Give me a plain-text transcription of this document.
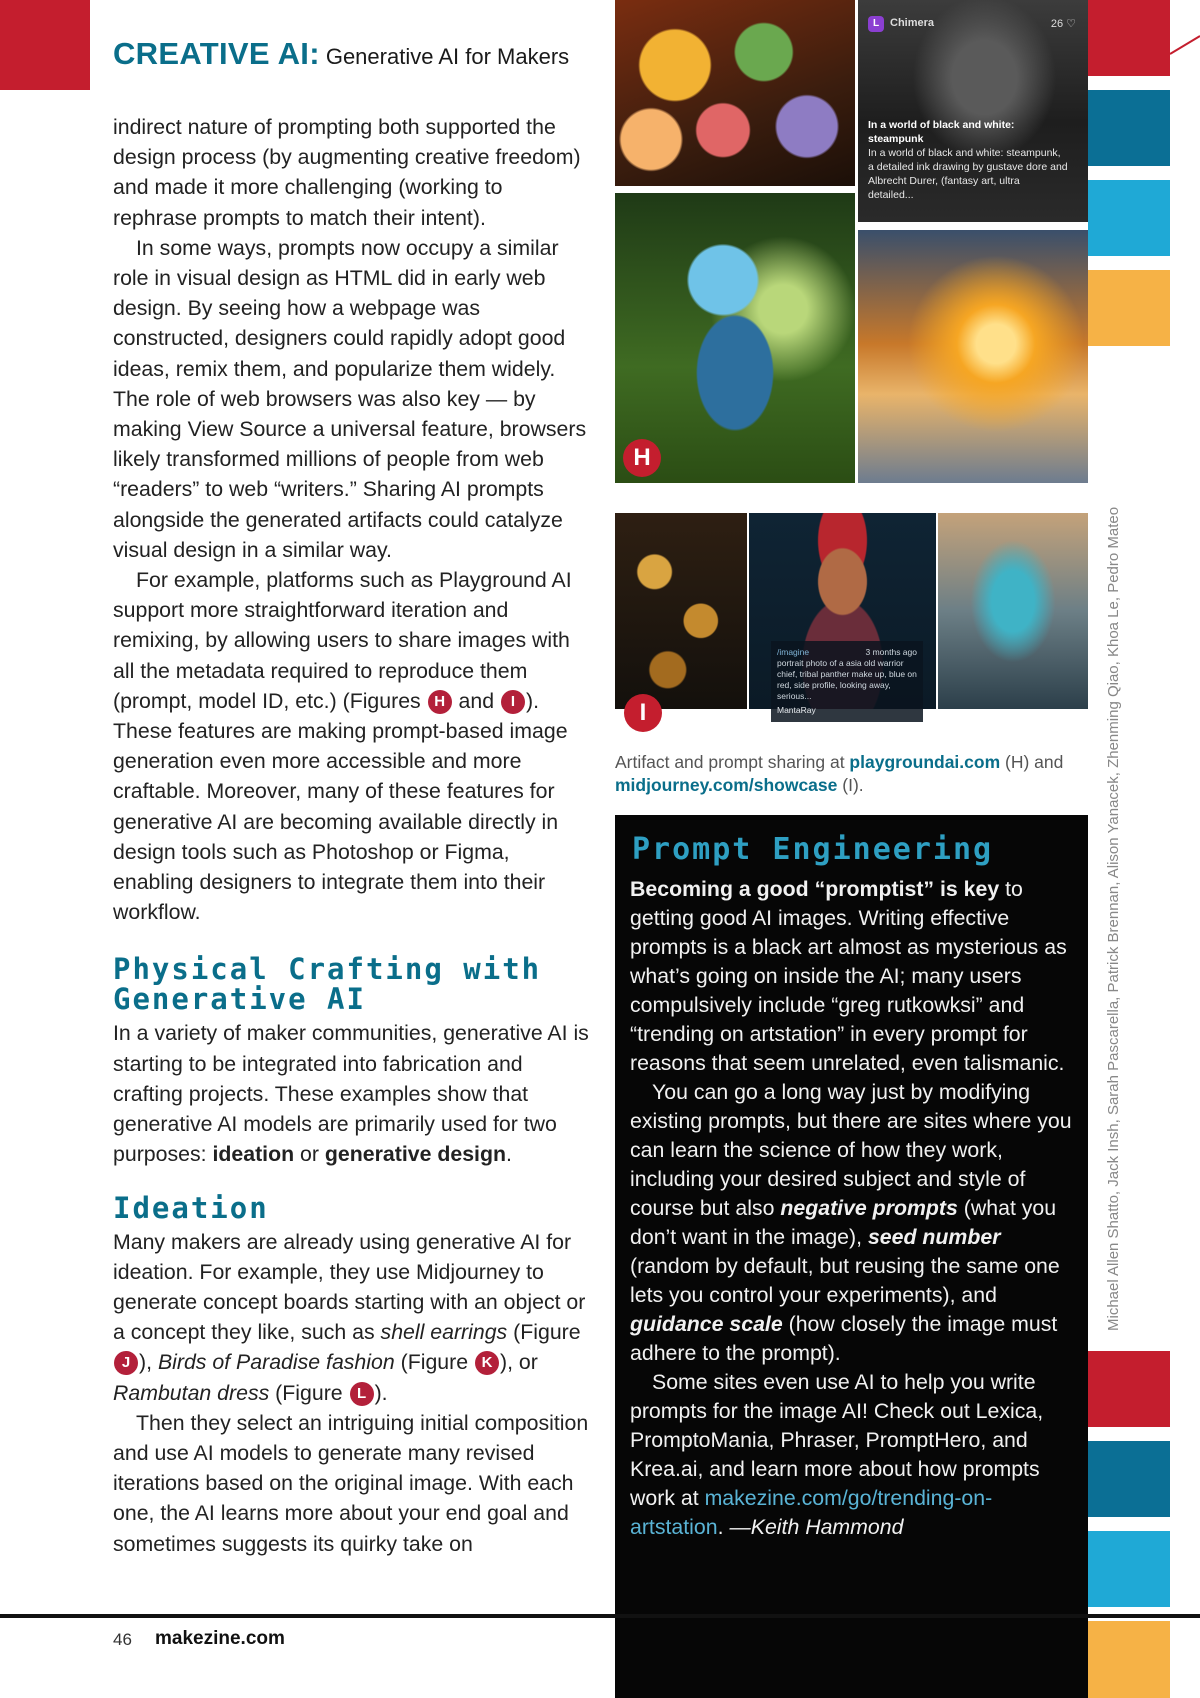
CREATIVE AI: Generative AI for Makers

indirect nature of prompting both supported the design process (by augmenting creative freedom) and made it more challenging (working to rephrase prompts to match their intent).

In some ways, prompts now occupy a similar role in visual design as HTML did in early web design. By seeing how a webpage was constructed, designers could rapidly adopt good ideas, remix them, and popularize them widely. The role of web browsers was also key — by making View Source a universal feature, browsers likely transformed millions of people from web “readers” to web “writers.” Sharing AI prompts alongside the generated artifacts could catalyze visual design in a similar way.

For example, platforms such as Playground AI support more straightforward iteration and remixing, by allowing users to share images with all the metadata required to reproduce them (prompt, model ID, etc.) (Figures H and I ). These features are making prompt-based image generation even more accessible and more craftable. Moreover, many of these features for generative AI are becoming available directly in design tools such as Photoshop or Figma, enabling designers to integrate them into their workflow.

Physical Crafting with Generative AI

In a variety of maker communities, generative AI is starting to be integrated into fabrication and crafting projects. These examples show that generative AI models are primarily used for two purposes: ideation or generative design.

Ideation

Many makers are already using generative AI for ideation. For example, they use Midjourney to generate concept boards starting with an object or a concept they like, such as shell earrings (Figure J ), Birds of Paradise fashion (Figure K ), or Rambutan dress (Figure L ).

Then they select an intriguing initial composition and use AI models to generate many revised iterations based on the original image. With each one, the AI learns more about your end goal and sometimes suggests its quirky take on

L Chimera	26 ♡
In a world of black and white: steampunk
In a world of black and white: steampunk, a detailed ink drawing by gustave dore and Albrecht Durer, (fantasy art, ultra detailed...
H
I
/imagine	3 months ago
portrait photo of a asia old warrior chief, tribal panther make up, blue on red, side profile, looking away, serious...
MantaRay
Artifact and prompt sharing at playgroundai.com (H) and midjourney.com/showcase (I).
Prompt Engineering

Becoming a good “promptist” is key to getting good AI images. Writing effective prompts is a black art almost as mysterious as what’s going on inside the AI; many users compulsively include “greg rutkowksi” and “trending on artstation” in every prompt for reasons that seem unrelated, even talismanic.

You can go a long way just by modifying existing prompts, but there are sites where you can learn the science of how they work, including your desired subject and style of course but also negative prompts (what you don’t want in the image), seed number (random by default, but reusing the same one lets you control your experiments), and guidance scale (how closely the image must adhere to the prompt).

Some sites even use AI to help you write prompts for the image AI! Check out Lexica, PromptoMania, Phraser, PromptHero, and Krea.ai, and learn more about how prompts work at makezine.com/go/trending-on-artstation. —Keith Hammond

Michael Allen Shatto, Jack Insh, Sarah Pascarella, Patrick Brennan, Alison Yanacek, Zhenming Qiao, Khoa Le, Pedro Mateo
46 makezine.com
